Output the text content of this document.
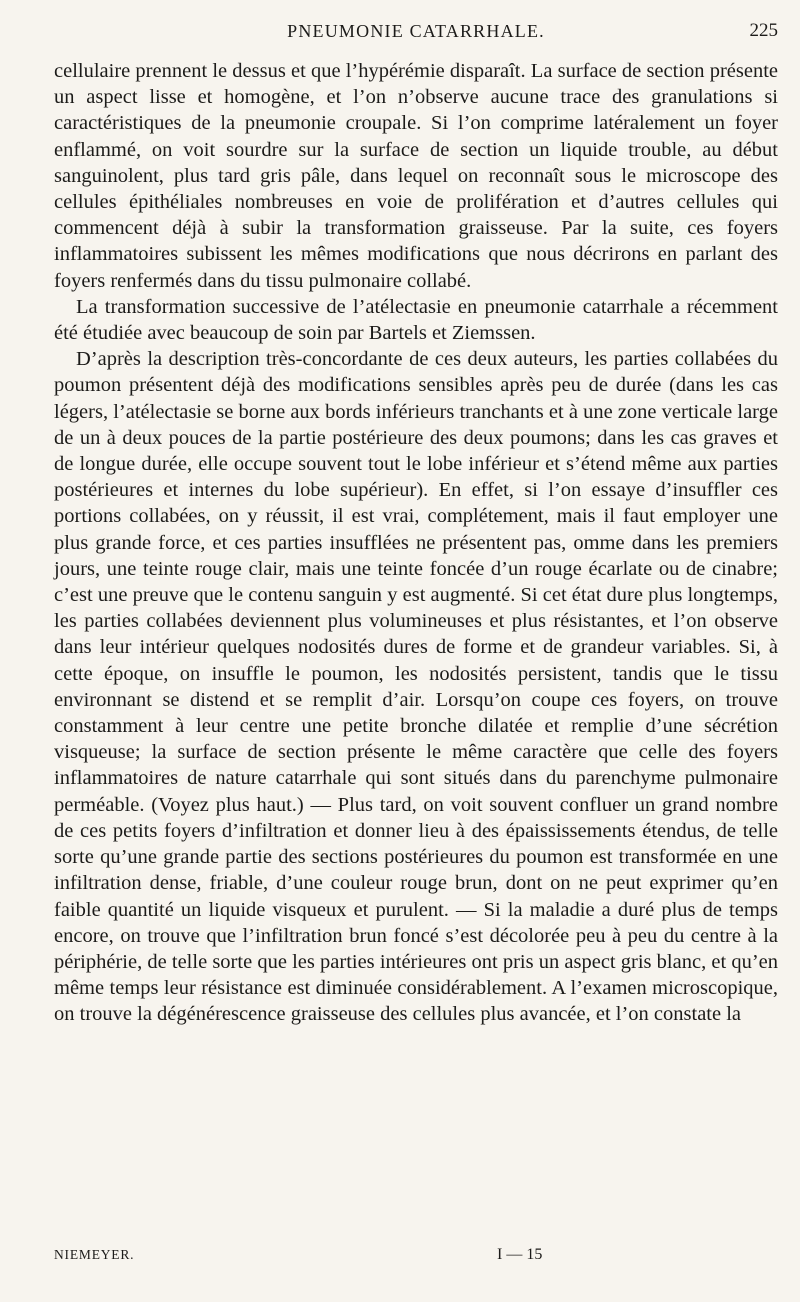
PNEUMONIE CATARRHALE.	225

cellulaire prennent le dessus et que l’hypérémie disparaît. La surface de section présente un aspect lisse et homogène, et l’on n’observe aucune trace des granulations si caractéristiques de la pneumonie croupale. Si l’on comprime latéralement un foyer enflammé, on voit sourdre sur la surface de section un liquide trouble, au début sanguinolent, plus tard gris pâle, dans lequel on reconnaît sous le microscope des cellules épithéliales nombreuses en voie de prolifération et d’autres cellules qui commencent déjà à subir la transformation graisseuse. Par la suite, ces foyers inflammatoires subissent les mêmes modifications que nous décrirons en parlant des foyers renfermés dans du tissu pulmonaire collabé.

La transformation successive de l’atélectasie en pneumonie catarrhale a récemment été étudiée avec beaucoup de soin par Bartels et Ziemssen.

D’après la description très-concordante de ces deux auteurs, les parties collabées du poumon présentent déjà des modifications sensibles après peu de durée (dans les cas légers, l’atélectasie se borne aux bords inférieurs tranchants et à une zone verticale large de un à deux pouces de la partie postérieure des deux poumons; dans les cas graves et de longue durée, elle occupe souvent tout le lobe inférieur et s’étend même aux parties postérieures et internes du lobe supérieur). En effet, si l’on essaye d’insuffler ces portions collabées, on y réussit, il est vrai, complétement, mais il faut employer une plus grande force, et ces parties insufflées ne présentent pas, omme dans les premiers jours, une teinte rouge clair, mais une teinte foncée d’un rouge écarlate ou de cinabre; c’est une preuve que le contenu sanguin y est augmenté. Si cet état dure plus longtemps, les parties collabées deviennent plus volumineuses et plus résistantes, et l’on observe dans leur intérieur quelques nodosités dures de forme et de grandeur variables. Si, à cette époque, on insuffle le poumon, les nodosités persistent, tandis que le tissu environnant se distend et se remplit d’air. Lorsqu’on coupe ces foyers, on trouve constamment à leur centre une petite bronche dilatée et remplie d’une sécrétion visqueuse; la surface de section présente le même caractère que celle des foyers inflammatoires de nature catarrhale qui sont situés dans du parenchyme pulmonaire perméable. (Voyez plus haut.) — Plus tard, on voit souvent confluer un grand nombre de ces petits foyers d’infiltration et donner lieu à des épaississements étendus, de telle sorte qu’une grande partie des sections postérieures du poumon est transformée en une infiltration dense, friable, d’une couleur rouge brun, dont on ne peut exprimer qu’en faible quantité un liquide visqueux et purulent. — Si la maladie a duré plus de temps encore, on trouve que l’infiltration brun foncé s’est décolorée peu à peu du centre à la périphérie, de telle sorte que les parties intérieures ont pris un aspect gris blanc, et qu’en même temps leur résistance est diminuée considérablement. A l’examen microscopique, on trouve la dégénérescence graisseuse des cellules plus avancée, et l’on constate la

NIEMEYER.	I — 15
